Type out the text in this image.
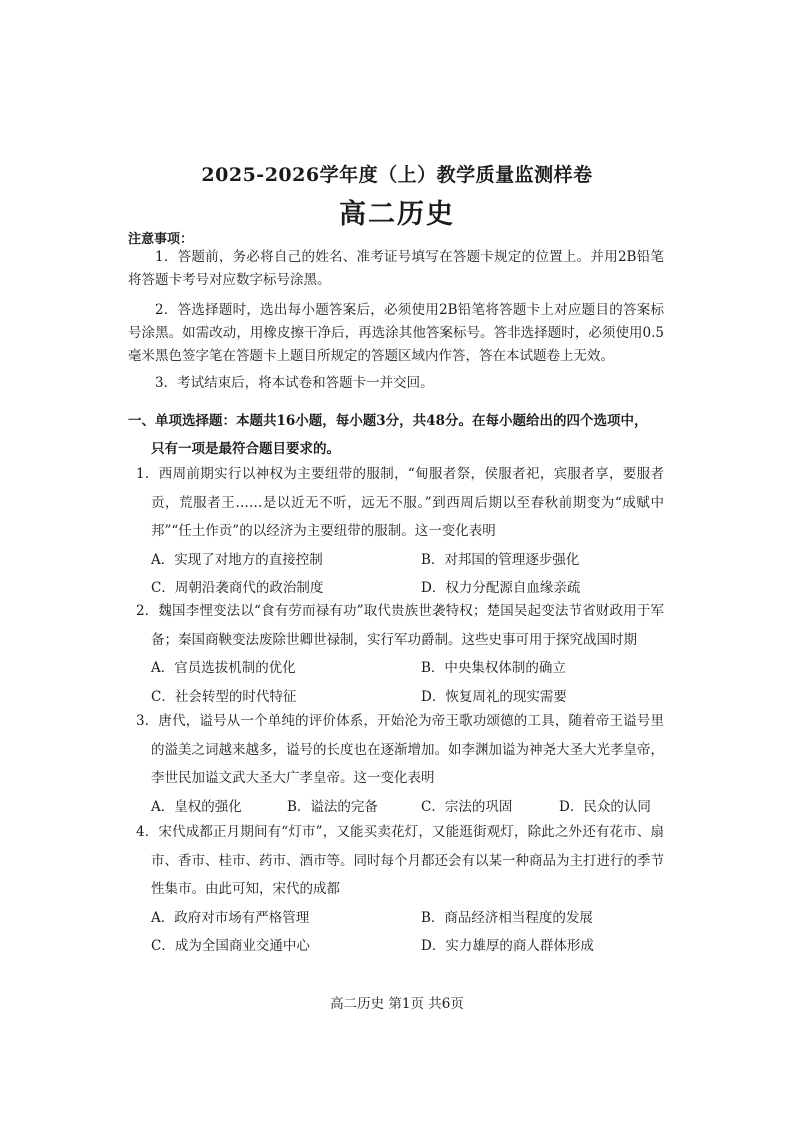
2025-2026学年度（上）教学质量监测样卷
高二历史
注意事项：
1．答题前，务必将自己的姓名、准考证号填写在答题卡规定的位置上。并用2B铅笔将答题卡考号对应数字标号涂黑。
2．答选择题时，选出每小题答案后，必须使用2B铅笔将答题卡上对应题目的答案标号涂黑。如需改动，用橡皮擦干净后，再选涂其他答案标号。答非选择题时，必须使用0.5毫米黑色签字笔在答题卡上题目所规定的答题区域内作答，答在本试题卷上无效。
3．考试结束后，将本试卷和答题卡一并交回。
一、单项选择题：本题共16小题，每小题3分，共48分。在每小题给出的四个选项中，
只有一项是最符合题目要求的。
1．西周前期实行以神权为主要纽带的服制，“甸服者祭，侯服者祀，宾服者享，要服者贡，荒服者王……是以近无不听，远无不服。”到西周后期以至春秋前期变为“成赋中邦”“任土作贡”的以经济为主要纽带的服制。这一变化表明
A．实现了对地方的直接控制	B．对邦国的管理逐步强化
C．周朝沿袭商代的政治制度	D．权力分配源自血缘亲疏
2．魏国李悝变法以“食有劳而禄有功”取代贵族世袭特权；楚国吴起变法节省财政用于军备；秦国商鞅变法废除世卿世禄制，实行军功爵制。这些史事可用于探究战国时期
A．官员选拔机制的优化	B．中央集权体制的确立
C．社会转型的时代特征	D．恢复周礼的现实需要
3．唐代，谥号从一个单纯的评价体系，开始沦为帝王歌功颂德的工具，随着帝王谥号里的溢美之词越来越多，谥号的长度也在逐渐增加。如李渊加谥为神尧大圣大光孝皇帝，李世民加谥文武大圣大广孝皇帝。这一变化表明
A．皇权的强化	B．谥法的完备	C．宗法的巩固	D．民众的认同
4．宋代成都正月期间有“灯市”，又能买卖花灯，又能逛街观灯，除此之外还有花市、扇市、香市、桂市、药市、酒市等。同时每个月都还会有以某一种商品为主打进行的季节性集市。由此可知，宋代的成都
A．政府对市场有严格管理	B．商品经济相当程度的发展
C．成为全国商业交通中心	D．实力雄厚的商人群体形成
高二历史 第1页 共6页
